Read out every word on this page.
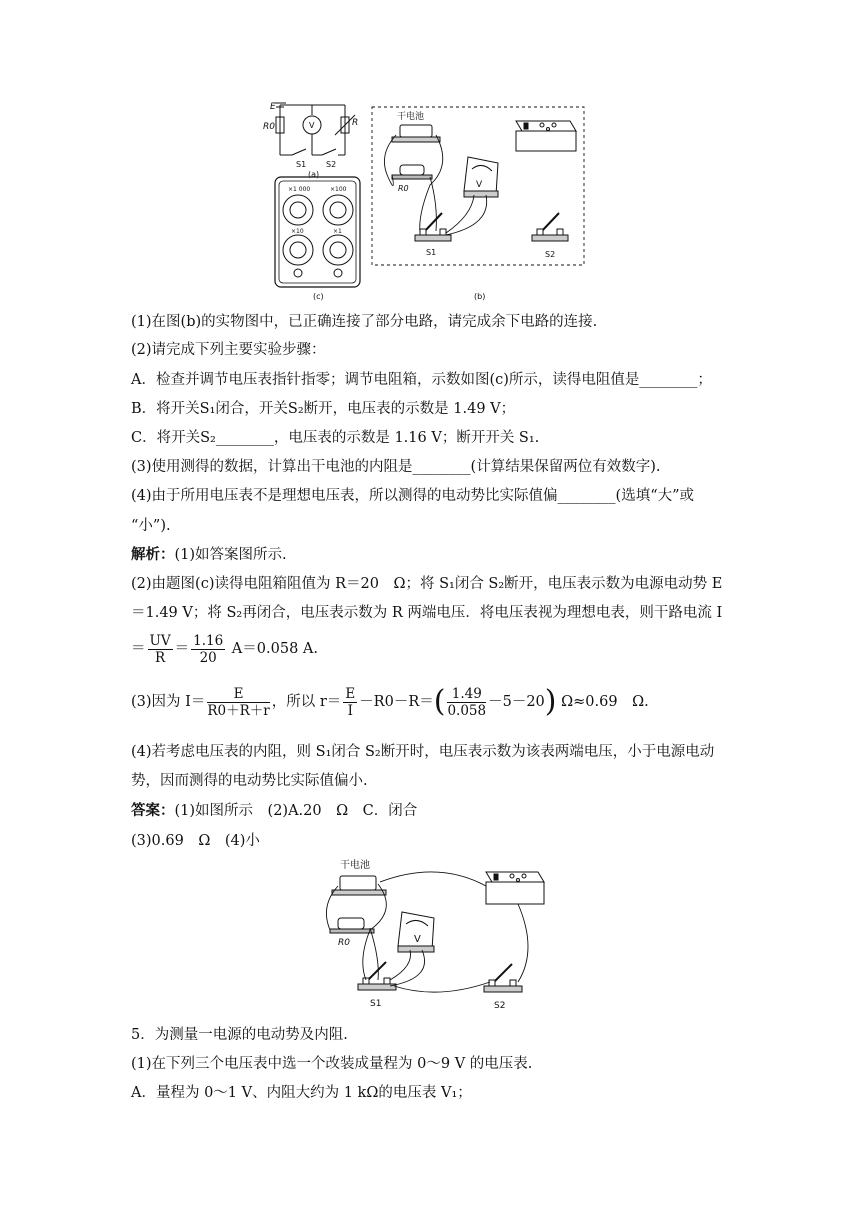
E
R0	V	R
S1 S2
(a)
×1 000	×100
×10	×1
(c)
干电池
R0	V
S1	S2
(b)
(1)在图(b)的实物图中，已正确连接了部分电路，请完成余下电路的连接.
(2)请完成下列主要实验步骤：
A．检查并调节电压表指针指零；调节电阻箱，示数如图(c)所示，读得电阻值是________；
B．将开关S₁闭合，开关S₂断开，电压表的示数是 1.49 V；
C．将开关S₂________，电压表的示数是 1.16 V；断开开关 S₁.
(3)使用测得的数据，计算出干电池的内阻是________(计算结果保留两位有效数字).
(4)由于所用电压表不是理想电压表，所以测得的电动势比实际值偏________(选填“大”或
“小”).
解析：(1)如答案图所示.
(2)由题图(c)读得电阻箱阻值为 R＝20　Ω；将 S₁闭合 S₂断开，电压表示数为电源电动势 E
＝1.49 V；将 S₂再闭合，电压表示数为 R 两端电压．将电压表视为理想电表，则干路电流 I
＝ $\frac{UV}{R} = \frac{1.16}{20} A=0.058$ A.
(3)因为 $I= \frac{E}{R0+R+r}$ ，所以 $r= \frac{E}{I} -R0-R=( \frac{1.49}{0.058} -5-20)$ Ω≈0.69　Ω.
(4)若考虑电压表的内阻，则 S₁闭合 S₂断开时，电压表示数为该表两端电压，小于电源电动
势，因而测得的电动势比实际值偏小.
答案：(1)如图所示　(2)A.20　Ω　C．闭合
(3)0.69　Ω　(4)小
干电池
R0	V
S1	S2
5．为测量一电源的电动势及内阻.
(1)在下列三个电压表中选一个改装成量程为 0～9 V 的电压表.
A．量程为 0～1 V、内阻大约为 1 kΩ的电压表 V₁；
